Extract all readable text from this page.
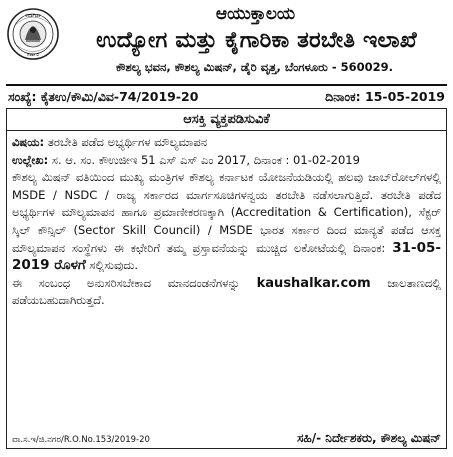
ಕರ್ನಾಟಕ
ಸರ್ಕಾರ
ಆಯುಕ್ತಾಲಯ
ಉದ್ಯೋಗ ಮತ್ತು ಕೈಗಾರಿಕಾ ತರಬೇತಿ ಇಲಾಖೆ
ಕೌಶಲ್ಯ ಭವನ, ಕೌಶಲ್ಯ ಮಿಷನ್, ಡೈರಿ ವೃತ್ತ, ಬೆಂಗಳೂರು - 560029.
ಸಂಖ್ಯೆ: ಕೈತಉ/ಕೌಮಿ/ವಿವ-74/2019-20	ದಿನಾಂಕ: 15-05-2019
ಆಸಕ್ತಿ ವ್ಯಕ್ತಪಡಿಸುವಿಕೆ

ವಿಷಯ: ತರಬೇತಿ ಪಡೆದ ಅಭ್ಯರ್ಥಿಗಳ ಮೌಲ್ಯಮಾಪನ

ಉಲ್ಲೇಖ: ಸ. ಆ. ಸಂ. ಕೌಉಜೀಇ 51 ಎಸ್ ಎಸ್ ಎಂ 2017, ದಿನಾಂಕ : 01-02-2019

ಕೌಶಲ್ಯ ಮಿಷನ್ ವತಿಯಿಂದ ಮುಖ್ಯ ಮಂತ್ರಿಗಳ ಕೌಶಲ್ಯ ಕರ್ನಾಟಕ ಯೋಜನೆಯಡಿಯಲ್ಲಿ ಹಲವು ಜಾಬ್‌ರೋಲ್‌ಗಳಲ್ಲಿ MSDE / NSDC / ರಾಜ್ಯ ಸರ್ಕಾರದ ಮಾರ್ಗಸೂಚಿಗಳನ್ವಯ ತರಬೇತಿ ನಡೆಸಲಾಗುತ್ತಿದೆ. ತರಬೇತಿ ಪಡೆದ ಅಭ್ಯರ್ಥಿಗಳ ಮೌಲ್ಯಮಾಪನ ಹಾಗೂ ಪ್ರಮಾಣೀಕರಣಕ್ಕಾಗಿ (Accreditation & Certification), ಸೆಕ್ಟರ್ ಸ್ಕಿಲ್ ಕೌನ್ಸಿಲ್ (Sector Skill Council) / MSDE ಭಾರತ ಸರ್ಕಾರ ದಿಂದ ಮಾನ್ಯತೆ ಪಡೆದ ಆಸಕ್ತ ಮೌಲ್ಯಮಾಪನ ಸಂಸ್ಥೆಗಳು ಈ ಕಛೇರಿಗೆ ತಮ್ಮ ಪ್ರಸ್ತಾವನೆಯನ್ನು ಮುಚ್ಚಿದ ಲಕೋಟೆಯಲ್ಲಿ ದಿನಾಂಕ: 31-05-2019 ರೊಳಗೆ ಸಲ್ಲಿಸುವುದು.

ಈ ಸಂಬಂಧ ಅನುಸರಿಸಬೇಕಾದ ಮಾನದಂಡನೆಗಳನ್ನು kaushalkar.com ಜಾಲತಾಣದಲ್ಲಿ ಪಡೆಯಬಹುದಾಗಿರುತ್ತದೆ.

ವಾ.ಸ.ಇ/ಜಿ.ನಗರ/R.O.No.153/2019-20	ಸಹಿ/- ನಿರ್ದೇಶಕರು, ಕೌಶಲ್ಯ ಮಿಷನ್
